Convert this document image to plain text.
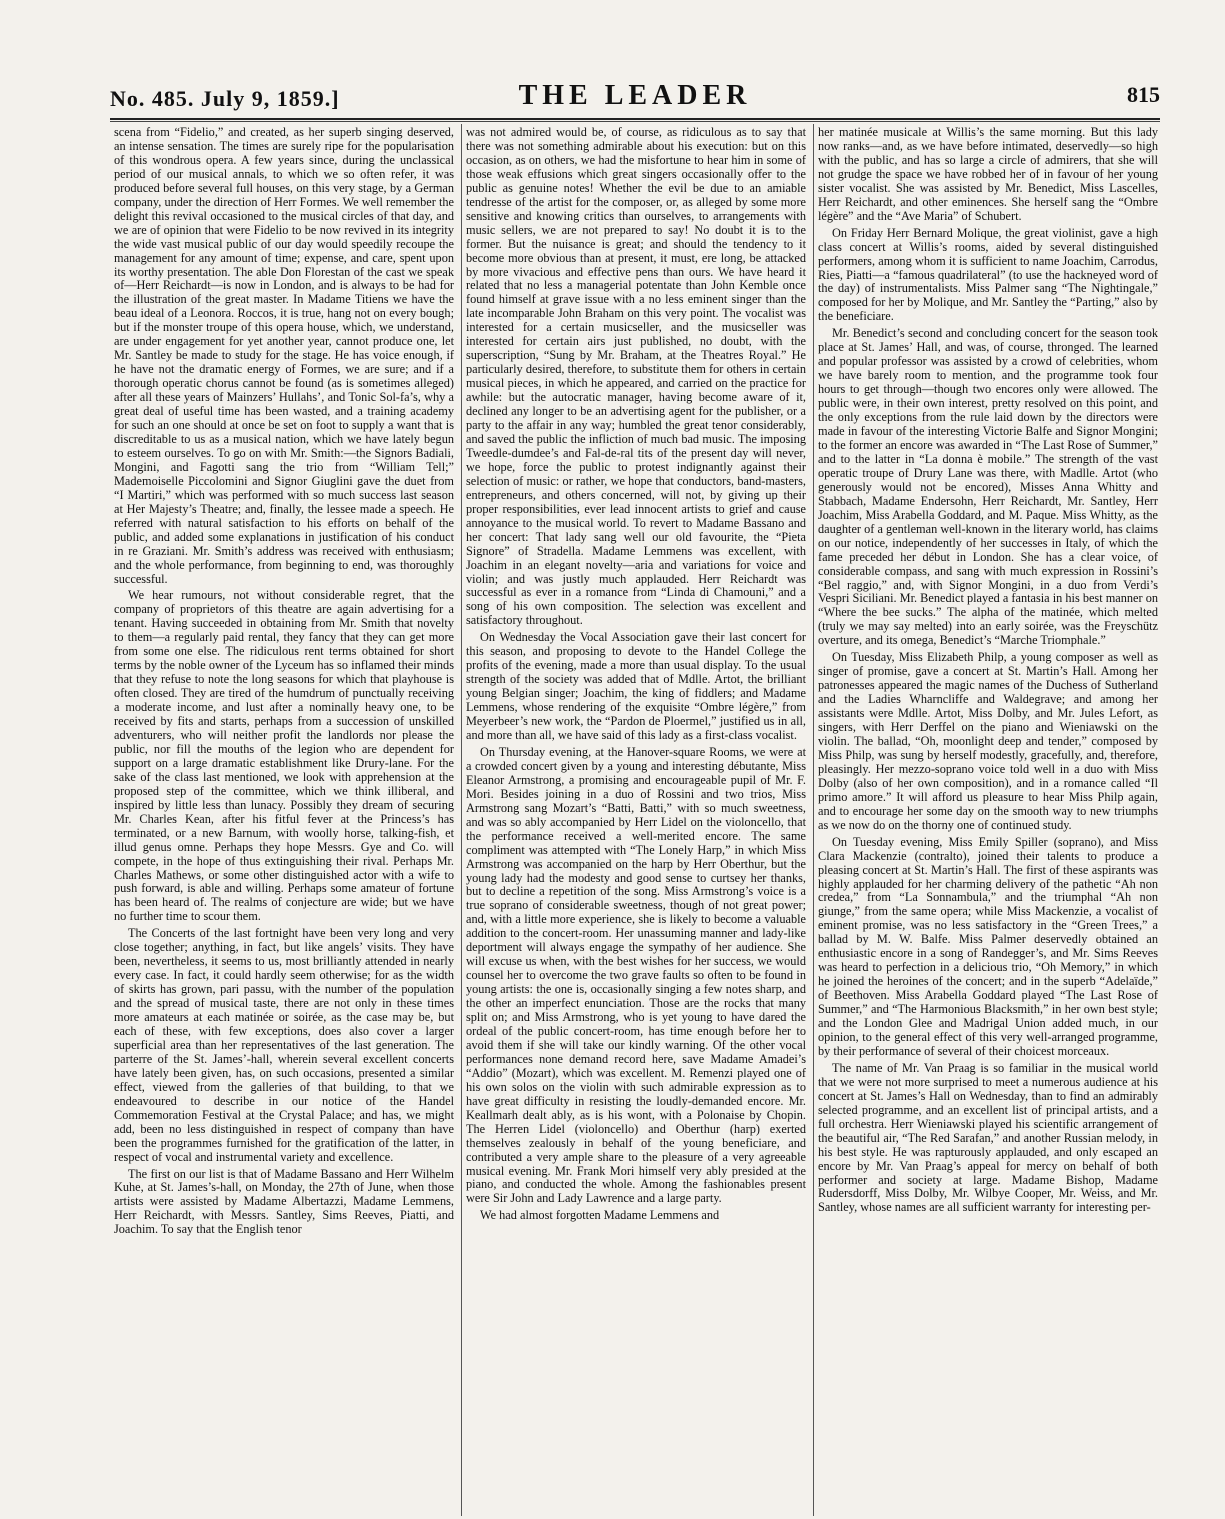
No. 485. July 9, 1859.]	THE LEADER	815

scena from “Fidelio,” and created, as her superb singing deserved, an intense sensation. The times are surely ripe for the popularisation of this wondrous opera. A few years since, during the unclassical period of our musical annals, to which we so often refer, it was produced before several full houses, on this very stage, by a German company, under the direction of Herr Formes. We well remember the delight this revival occasioned to the musical circles of that day, and we are of opinion that were Fidelio to be now revived in its integrity the wide vast musical public of our day would speedily recoupe the management for any amount of time; expense, and care, spent upon its worthy presentation. The able Don Florestan of the cast we speak of—Herr Reichardt—is now in London, and is always to be had for the illustration of the great master. In Madame Titiens we have the beau ideal of a Leonora. Roccos, it is true, hang not on every bough; but if the monster troupe of this opera house, which, we understand, are under engagement for yet another year, cannot produce one, let Mr. Santley be made to study for the stage. He has voice enough, if he have not the dramatic energy of Formes, we are sure; and if a thorough operatic chorus cannot be found (as is sometimes alleged) after all these years of Mainzers’ Hullahs’, and Tonic Sol-fa’s, why a great deal of useful time has been wasted, and a training academy for such an one should at once be set on foot to supply a want that is discreditable to us as a musical nation, which we have lately begun to esteem ourselves. To go on with Mr. Smith:—the Signors Badiali, Mongini, and Fagotti sang the trio from “William Tell;” Mademoiselle Piccolomini and Signor Giuglini gave the duet from “I Martiri,” which was performed with so much success last season at Her Majesty’s Theatre; and, finally, the lessee made a speech. He referred with natural satisfaction to his efforts on behalf of the public, and added some explanations in justification of his conduct in re Graziani. Mr. Smith’s address was received with enthusiasm; and the whole performance, from beginning to end, was thoroughly successful.

We hear rumours, not without considerable regret, that the company of proprietors of this theatre are again advertising for a tenant. Having succeeded in obtaining from Mr. Smith that novelty to them—a regularly paid rental, they fancy that they can get more from some one else. The ridiculous rent terms obtained for short terms by the noble owner of the Lyceum has so inflamed their minds that they refuse to note the long seasons for which that playhouse is often closed. They are tired of the humdrum of punctually receiving a moderate income, and lust after a nominally heavy one, to be received by fits and starts, perhaps from a succession of unskilled adventurers, who will neither profit the landlords nor please the public, nor fill the mouths of the legion who are dependent for support on a large dramatic establishment like Drury-lane. For the sake of the class last mentioned, we look with apprehension at the proposed step of the committee, which we think illiberal, and inspired by little less than lunacy. Possibly they dream of securing Mr. Charles Kean, after his fitful fever at the Princess’s has terminated, or a new Barnum, with woolly horse, talking-fish, et illud genus omne. Perhaps they hope Messrs. Gye and Co. will compete, in the hope of thus extinguishing their rival. Perhaps Mr. Charles Mathews, or some other distinguished actor with a wife to push forward, is able and willing. Perhaps some amateur of fortune has been heard of. The realms of conjecture are wide; but we have no further time to scour them.

The Concerts of the last fortnight have been very long and very close together; anything, in fact, but like angels’ visits. They have been, nevertheless, it seems to us, most brilliantly attended in nearly every case. In fact, it could hardly seem otherwise; for as the width of skirts has grown, pari passu, with the number of the population and the spread of musical taste, there are not only in these times more amateurs at each matinée or soirée, as the case may be, but each of these, with few exceptions, does also cover a larger superficial area than her representatives of the last generation. The parterre of the St. James’-hall, wherein several excellent concerts have lately been given, has, on such occasions, presented a similar effect, viewed from the galleries of that building, to that we endeavoured to describe in our notice of the Handel Commemoration Festival at the Crystal Palace; and has, we might add, been no less distinguished in respect of company than have been the programmes furnished for the gratification of the latter, in respect of vocal and instrumental variety and excellence.

The first on our list is that of Madame Bassano and Herr Wilhelm Kuhe, at St. James’s-hall, on Monday, the 27th of June, when those artists were assisted by Madame Albertazzi, Madame Lemmens, Herr Reichardt, with Messrs. Santley, Sims Reeves, Piatti, and Joachim. To say that the English tenor

was not admired would be, of course, as ridiculous as to say that there was not something admirable about his execution: but on this occasion, as on others, we had the misfortune to hear him in some of those weak effusions which great singers occasionally offer to the public as genuine notes! Whether the evil be due to an amiable tendresse of the artist for the composer, or, as alleged by some more sensitive and knowing critics than ourselves, to arrangements with music sellers, we are not prepared to say! No doubt it is to the former. But the nuisance is great; and should the tendency to it become more obvious than at present, it must, ere long, be attacked by more vivacious and effective pens than ours. We have heard it related that no less a managerial potentate than John Kemble once found himself at grave issue with a no less eminent singer than the late incomparable John Braham on this very point. The vocalist was interested for a certain musicseller, and the musicseller was interested for certain airs just published, no doubt, with the superscription, “Sung by Mr. Braham, at the Theatres Royal.” He particularly desired, therefore, to substitute them for others in certain musical pieces, in which he appeared, and carried on the practice for awhile: but the autocratic manager, having become aware of it, declined any longer to be an advertising agent for the publisher, or a party to the affair in any way; humbled the great tenor considerably, and saved the public the infliction of much bad music. The imposing Tweedle-dumdee’s and Fal-de-ral tits of the present day will never, we hope, force the public to protest indignantly against their selection of music: or rather, we hope that conductors, band-masters, entrepreneurs, and others concerned, will not, by giving up their proper responsibilities, ever lead innocent artists to grief and cause annoyance to the musical world. To revert to Madame Bassano and her concert: That lady sang well our old favourite, the “Pieta Signore” of Stradella. Madame Lemmens was excellent, with Joachim in an elegant novelty—aria and variations for voice and violin; and was justly much applauded. Herr Reichardt was successful as ever in a romance from “Linda di Chamouni,” and a song of his own composition. The selection was excellent and satisfactory throughout.

On Wednesday the Vocal Association gave their last concert for this season, and proposing to devote to the Handel College the profits of the evening, made a more than usual display. To the usual strength of the society was added that of Mdlle. Artot, the brilliant young Belgian singer; Joachim, the king of fiddlers; and Madame Lemmens, whose rendering of the exquisite “Ombre légère,” from Meyerbeer’s new work, the “Pardon de Ploermel,” justified us in all, and more than all, we have said of this lady as a first-class vocalist.

On Thursday evening, at the Hanover-square Rooms, we were at a crowded concert given by a young and interesting débutante, Miss Eleanor Armstrong, a promising and encourageable pupil of Mr. F. Mori. Besides joining in a duo of Rossini and two trios, Miss Armstrong sang Mozart’s “Batti, Batti,” with so much sweetness, and was so ably accompanied by Herr Lidel on the violoncello, that the performance received a well-merited encore. The same compliment was attempted with “The Lonely Harp,” in which Miss Armstrong was accompanied on the harp by Herr Oberthur, but the young lady had the modesty and good sense to curtsey her thanks, but to decline a repetition of the song. Miss Armstrong’s voice is a true soprano of considerable sweetness, though of not great power; and, with a little more experience, she is likely to become a valuable addition to the concert-room. Her unassuming manner and lady-like deportment will always engage the sympathy of her audience. She will excuse us when, with the best wishes for her success, we would counsel her to overcome the two grave faults so often to be found in young artists: the one is, occasionally singing a few notes sharp, and the other an imperfect enunciation. Those are the rocks that many split on; and Miss Armstrong, who is yet young to have dared the ordeal of the public concert-room, has time enough before her to avoid them if she will take our kindly warning. Of the other vocal performances none demand record here, save Madame Amadei’s “Addio” (Mozart), which was excellent. M. Remenzi played one of his own solos on the violin with such admirable expression as to have great difficulty in resisting the loudly-demanded encore. Mr. Keallmarh dealt ably, as is his wont, with a Polonaise by Chopin. The Herren Lidel (violoncello) and Oberthur (harp) exerted themselves zealously in behalf of the young beneficiare, and contributed a very ample share to the pleasure of a very agreeable musical evening. Mr. Frank Mori himself very ably presided at the piano, and conducted the whole. Among the fashionables present were Sir John and Lady Lawrence and a large party.

We had almost forgotten Madame Lemmens and

her matinée musicale at Willis’s the same morning. But this lady now ranks—and, as we have before intimated, deservedly—so high with the public, and has so large a circle of admirers, that she will not grudge the space we have robbed her of in favour of her young sister vocalist. She was assisted by Mr. Benedict, Miss Lascelles, Herr Reichardt, and other eminences. She herself sang the “Ombre légère” and the “Ave Maria” of Schubert.

On Friday Herr Bernard Molique, the great violinist, gave a high class concert at Willis’s rooms, aided by several distinguished performers, among whom it is sufficient to name Joachim, Carrodus, Ries, Piatti—a “famous quadrilateral” (to use the hackneyed word of the day) of instrumentalists. Miss Palmer sang “The Nightingale,” composed for her by Molique, and Mr. Santley the “Parting,” also by the beneficiare.

Mr. Benedict’s second and concluding concert for the season took place at St. James’ Hall, and was, of course, thronged. The learned and popular professor was assisted by a crowd of celebrities, whom we have barely room to mention, and the programme took four hours to get through—though two encores only were allowed. The public were, in their own interest, pretty resolved on this point, and the only exceptions from the rule laid down by the directors were made in favour of the interesting Victorie Balfe and Signor Mongini; to the former an encore was awarded in “The Last Rose of Summer,” and to the latter in “La donna è mobile.” The strength of the vast operatic troupe of Drury Lane was there, with Madlle. Artot (who generously would not be encored), Misses Anna Whitty and Stabbach, Madame Endersohn, Herr Reichardt, Mr. Santley, Herr Joachim, Miss Arabella Goddard, and M. Paque. Miss Whitty, as the daughter of a gentleman well-known in the literary world, has claims on our notice, independently of her successes in Italy, of which the fame preceded her début in London. She has a clear voice, of considerable compass, and sang with much expression in Rossini’s “Bel raggio,” and, with Signor Mongini, in a duo from Verdi’s Vespri Siciliani. Mr. Benedict played a fantasia in his best manner on “Where the bee sucks.” The alpha of the matinée, which melted (truly we may say melted) into an early soirée, was the Freyschütz overture, and its omega, Benedict’s “Marche Triomphale.”

On Tuesday, Miss Elizabeth Philp, a young composer as well as singer of promise, gave a concert at St. Martin’s Hall. Among her patronesses appeared the magic names of the Duchess of Sutherland and the Ladies Wharncliffe and Waldegrave; and among her assistants were Mdlle. Artot, Miss Dolby, and Mr. Jules Lefort, as singers, with Herr Derffel on the piano and Wieniawski on the violin. The ballad, “Oh, moonlight deep and tender,” composed by Miss Philp, was sung by herself modestly, gracefully, and, therefore, pleasingly. Her mezzo-soprano voice told well in a duo with Miss Dolby (also of her own composition), and in a romance called “Il primo amore.” It will afford us pleasure to hear Miss Philp again, and to encourage her some day on the smooth way to new triumphs as we now do on the thorny one of continued study.

On Tuesday evening, Miss Emily Spiller (soprano), and Miss Clara Mackenzie (contralto), joined their talents to produce a pleasing concert at St. Martin’s Hall. The first of these aspirants was highly applauded for her charming delivery of the pathetic “Ah non credea,” from “La Sonnambula,” and the triumphal “Ah non giunge,” from the same opera; while Miss Mackenzie, a vocalist of eminent promise, was no less satisfactory in the “Green Trees,” a ballad by M. W. Balfe. Miss Palmer deservedly obtained an enthusiastic encore in a song of Randegger’s, and Mr. Sims Reeves was heard to perfection in a delicious trio, “Oh Memory,” in which he joined the heroines of the concert; and in the superb “Adelaïde,” of Beethoven. Miss Arabella Goddard played “The Last Rose of Summer,” and “The Harmonious Blacksmith,” in her own best style; and the London Glee and Madrigal Union added much, in our opinion, to the general effect of this very well-arranged programme, by their performance of several of their choicest morceaux.

The name of Mr. Van Praag is so familiar in the musical world that we were not more surprised to meet a numerous audience at his concert at St. James’s Hall on Wednesday, than to find an admirably selected programme, and an excellent list of principal artists, and a full orchestra. Herr Wieniawski played his scientific arrangement of the beautiful air, “The Red Sarafan,” and another Russian melody, in his best style. He was rapturously applauded, and only escaped an encore by Mr. Van Praag’s appeal for mercy on behalf of both performer and society at large. Madame Bishop, Madame Rudersdorff, Miss Dolby, Mr. Wilbye Cooper, Mr. Weiss, and Mr. Santley, whose names are all sufficient warranty for interesting per-
